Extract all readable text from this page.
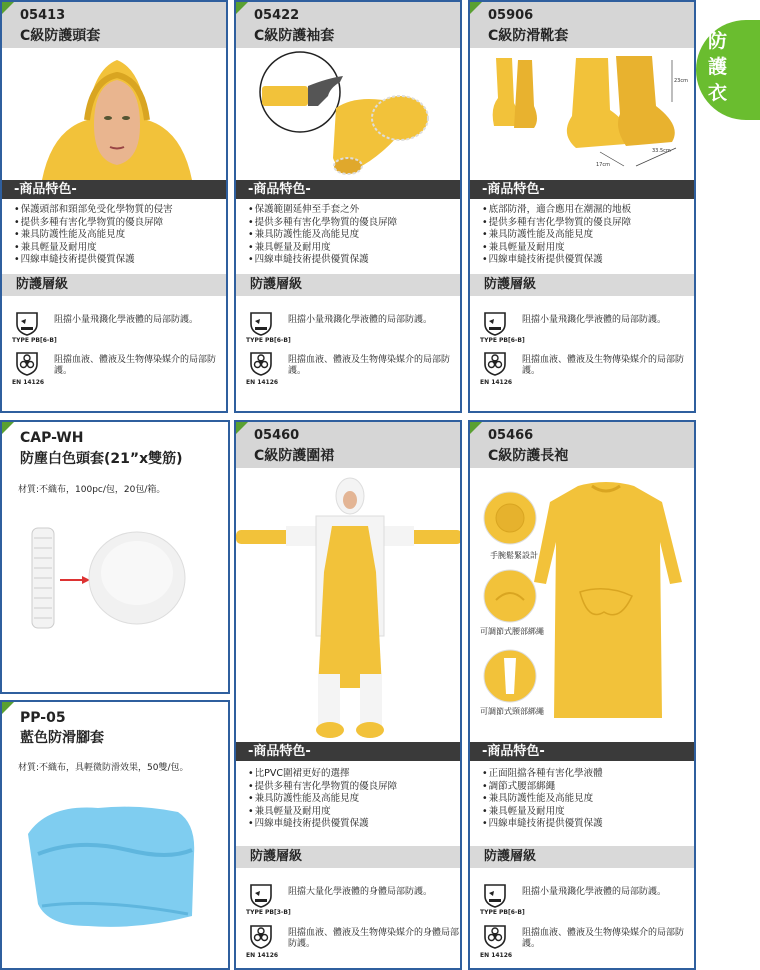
防
護
衣
05413
C級防護頭套
-商品特色-
• 保護頭部和頸部免受化學物質的侵害
• 提供多種有害化學物質的優良屏障
• 兼具防護性能及高能見度
• 兼具輕量及耐用度
• 四線車縫技術提供優質保護
防護層級
TYPE PB[6-B]
阻擋小量飛濺化學液體的局部防護。
EN 14126
阻擋血液、體液及生物傳染媒介的局部防護。
05422
C級防護袖套
-商品特色-
• 保護範圍延伸至手套之外
• 提供多種有害化學物質的優良屏障
• 兼具防護性能及高能見度
• 兼具輕量及耐用度
• 四線車縫技術提供優質保護
防護層級
TYPE PB[6-B]
阻擋小量飛濺化學液體的局部防護。
EN 14126
阻擋血液、體液及生物傳染媒介的局部防護。
05906
C級防滑靴套
23cm
17cm
33.5cm
-商品特色-
• 底部防滑，適合應用在潮濕的地板
• 提供多種有害化學物質的優良屏障
• 兼具防護性能及高能見度
• 兼具輕量及耐用度
• 四線車縫技術提供優質保護
防護層級
TYPE PB[6-B]
阻擋小量飛濺化學液體的局部防護。
EN 14126
阻擋血液、體液及生物傳染媒介的局部防護。
CAP-WH
防塵白色頭套(21”x雙筋)
材質:不織布，100pc/包，20包/箱。
PP-05
藍色防滑腳套
材質:不織布，具輕微防滑效果，50雙/包。
05460
C級防護圍裙
-商品特色-
• 比PVC圍裙更好的選擇
• 提供多種有害化學物質的優良屏障
• 兼具防護性能及高能見度
• 兼具輕量及耐用度
• 四線車縫技術提供優質保護
防護層級
TYPE PB[3-B]
阻擋大量化學液體的身體局部防護。
EN 14126
阻擋血液、體液及生物傳染媒介的身體局部防護。
05466
C級防護長袍
手腕鬆緊設計
可調節式腰部綁繩
可調節式頸部綁繩
-商品特色-
• 正面阻擋各種有害化學液體
• 調節式腰部綁繩
• 兼具防護性能及高能見度
• 兼具輕量及耐用度
• 四線車縫技術提供優質保護
防護層級
TYPE PB[6-B]
阻擋小量飛濺化學液體的局部防護。
EN 14126
阻擋血液、體液及生物傳染媒介的局部防護。
